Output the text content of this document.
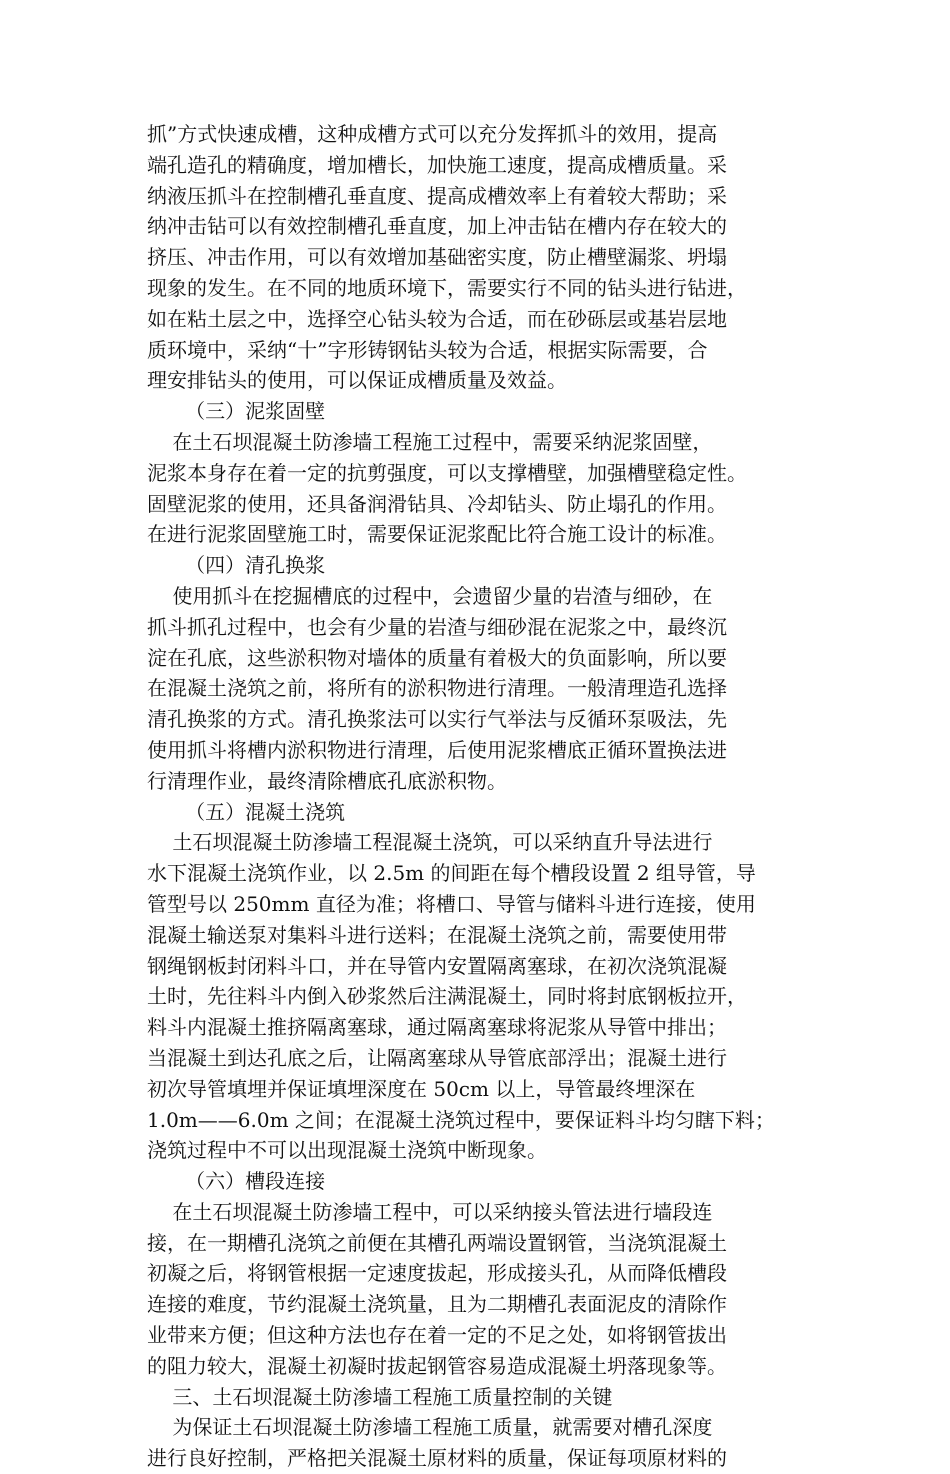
抓”方式快速成槽，这种成槽方式可以充分发挥抓斗的效用，提高
端孔造孔的精确度，增加槽长，加快施工速度，提高成槽质量。采
纳液压抓斗在控制槽孔垂直度、提高成槽效率上有着较大帮助；采
纳冲击钻可以有效控制槽孔垂直度，加上冲击钻在槽内存在较大的
挤压、冲击作用，可以有效增加基础密实度，防止槽壁漏浆、坍塌
现象的发生。在不同的地质环境下，需要实行不同的钻头进行钻进，
如在粘土层之中，选择空心钻头较为合适，而在砂砾层或基岩层地
质环境中，采纳“十”字形铸钢钻头较为合适，根据实际需要，合
理安排钻头的使用，可以保证成槽质量及效益。
（三）泥浆固壁
在土石坝混凝土防渗墙工程施工过程中，需要采纳泥浆固壁，
泥浆本身存在着一定的抗剪强度，可以支撑槽壁，加强槽壁稳定性。
固壁泥浆的使用，还具备润滑钻具、冷却钻头、防止塌孔的作用。
在进行泥浆固壁施工时，需要保证泥浆配比符合施工设计的标准。
（四）清孔换浆
使用抓斗在挖掘槽底的过程中，会遗留少量的岩渣与细砂，在
抓斗抓孔过程中，也会有少量的岩渣与细砂混在泥浆之中，最终沉
淀在孔底，这些淤积物对墙体的质量有着极大的负面影响，所以要
在混凝土浇筑之前，将所有的淤积物进行清理。一般清理造孔选择
清孔换浆的方式。清孔换浆法可以实行气举法与反循环泵吸法，先
使用抓斗将槽内淤积物进行清理，后使用泥浆槽底正循环置换法进
行清理作业，最终清除槽底孔底淤积物。
（五）混凝土浇筑
土石坝混凝土防渗墙工程混凝土浇筑，可以采纳直升导法进行
水下混凝土浇筑作业，以 2.5m 的间距在每个槽段设置 2 组导管，导
管型号以 250mm 直径为准；将槽口、导管与储料斗进行连接，使用
混凝土输送泵对集料斗进行送料；在混凝土浇筑之前，需要使用带
钢绳钢板封闭料斗口，并在导管内安置隔离塞球，在初次浇筑混凝
土时，先往料斗内倒入砂浆然后注满混凝土，同时将封底钢板拉开，
料斗内混凝土推挤隔离塞球，通过隔离塞球将泥浆从导管中排出；
当混凝土到达孔底之后，让隔离塞球从导管底部浮出；混凝土进行
初次导管填埋并保证填埋深度在 50cm 以上，导管最终埋深在
1.0m——6.0m 之间；在混凝土浇筑过程中，要保证料斗均匀瞎下料；
浇筑过程中不可以出现混凝土浇筑中断现象。
（六）槽段连接
在土石坝混凝土防渗墙工程中，可以采纳接头管法进行墙段连
接，在一期槽孔浇筑之前便在其槽孔两端设置钢管，当浇筑混凝土
初凝之后，将钢管根据一定速度拔起，形成接头孔，从而降低槽段
连接的难度，节约混凝土浇筑量，且为二期槽孔表面泥皮的清除作
业带来方便；但这种方法也存在着一定的不足之处，如将钢管拔出
的阻力较大，混凝土初凝时拔起钢管容易造成混凝土坍落现象等。
三、土石坝混凝土防渗墙工程施工质量控制的关键
为保证土石坝混凝土防渗墙工程施工质量，就需要对槽孔深度
进行良好控制，严格把关混凝土原材料的质量，保证每项原材料的
